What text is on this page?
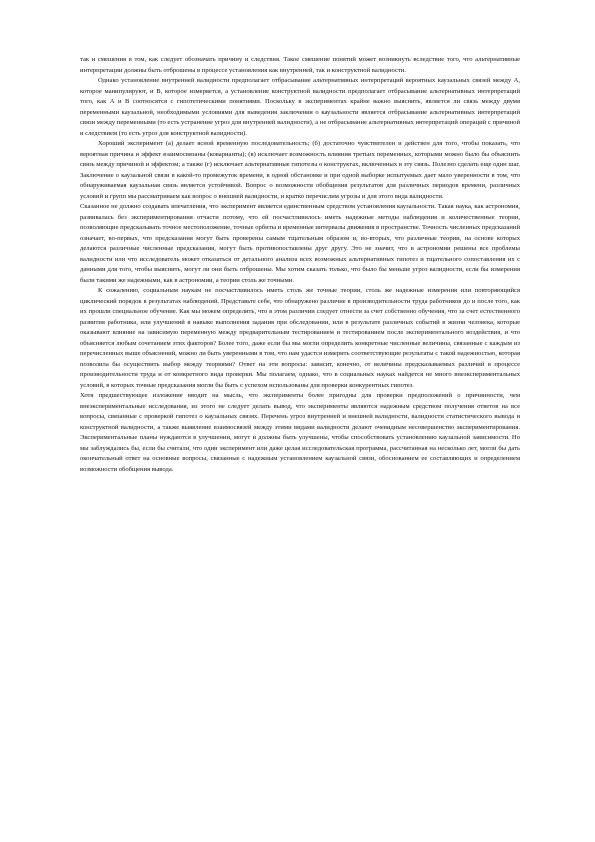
так и смешения в том, как следует обозначать причину и следствия. Такое смешение понятий может возникнуть вследствие того, что альтернативные интерпретации должны быть отброшены в процессе установления как внутренней, так и конструктной валидности.

Однако установление внутренней валидности предполагает отбрасывание альтернативных интерпретаций вероятных каузальных связей между А, которое манипулируют, и В, которое измеряется, а установление конструктной валидности предполагает отбрасывание альтернативных интерпретаций того, как А и В соотносятся с гипотетическими понятиями. Поскольку в экспериментах крайне важно выяснить, является ли связь между двумя переменными каузальной, необходимыми условиями для выведения заключения о каузальности является отбрасывание альтернативных интерпретаций связи между переменными (то есть устранение угроз для внутренней валидности), а не отбрасывание альтернативных интерпретаций операций с причиной и следствием (то есть угроз для конструктной валидности).

Хороший эксперимент (а) делает ясной временную последовательность; (б) достаточно чувствителен и действен для того, чтобы показать, что вероятная причина и эффект взаимосвязаны (коварианты); (в) исключает возможность влияния третьих переменных, которыми можно было бы объяснить связь между причиной и эффектом; а также (г) исключает альтернативные гипотезы о конструктах, включенных в эту связь. Полезно сделать еще один шаг. Заключение о каузальной связи в какой-то промежуток времени, в одной обстановке и при одной выборке испытуемых дает мало уверенности в том, что обнаруживаемая каузальная связь является устойчивой. Вопрос о возможности обобщения результатов для различных периодов времени, различных условий и групп мы рассматриваем как вопрос о внешней валидности, и кратко перечислим угрозы и для этого вида валидности.

Сказанное не должно создавать впечатления, что эксперимент является единственным средством установления каузальности. Такая наука, как астрономия, развивалась без экспериментирования отчасти потому, что ей посчастливилось иметь надежные методы наблюдения и количественные теории, позволяющие предсказывать точное местоположение, точные орбиты и временные интервалы движения в пространстве. Точность численных предсказаний означает, во-первых, что предсказания могут быть проверены самым тщательным образом и, во-вторых, что различные теории, на основе которых делаются различные численные предсказания, могут быть противопоставлены друг другу. Это не значит, что в астрономии решены все проблемы валидности или что исследователь может отказаться от детального анализа всех возможных альтернативных гипотез и тщательного сопоставления их с данными для того, чтобы выяснить, могут ли они быть отброшены. Мы хотим сказать только, что было бы меньше угроз валидности, если бы измерения были такими же надежными, как в астрономии, а теории столь же точными.

К сожалению, социальным наукам не посчастливилось иметь столь же точные теории, столь же надежные измерения или повторяющийся циклический порядок в результатах наблюдений. Представьте себе, что обнаружено различие в производительности труда работников до и после того, как их прошли специальное обучение. Как мы можем определить, что в этом различии следует отнести за счет собственно обучения, что за счет естественного развития работника, или улучшений в навыке выполнения задания при обследовании, или в результате различных событий в жизни человека, которые оказывают влияние на зависимую переменную между предварительным тестированием и тестированием после экспериментального воздействия, и что объясняется любым сочетанием этих факторов? Более того, даже если бы мы могли определить конкретные численные величины, связанные с каждым из перечисленных выше объяснений, можно ли быть уверенными в том, что нам удастся измерить соответствующие результаты с такой надежностью, которая позволила бы осуществить выбор между теориями? Ответ на эти вопросы: зависит, конечно, от величины предсказываемых различий в процессе производительности труда и от конкретного вида проверки. Мы полагаем, однако, что в социальных науках найдется не много внеэкспериментальных условий, в которых точные предсказания могли бы быть с успехом использованы для проверки конкурентных гипотез.

Хотя предшествующее изложение вводит на мысль, что эксперименты более пригодны для проверки предположений о причинности, чем внеэкспериментальные исследования, из этого не следует делать вывод, что эксперименты являются надежным средством получения ответов на все вопросы, связанные с проверкой гипотез о каузальных связях. Перечень угроз внутренней и внешней валидности, валидности статистического вывода и конструктной валидности, а также выявление взаимосвязей между этими видами валидности делают очевидным несовершенство экспериментирования. Экспериментальные планы нуждаются в улучшении, могут и должны быть улучшены, чтобы способствовать установлению каузальной зависимости. Но мы заблуждались бы, если бы считали, что один эксперимент или даже целая исследовательская программа, рассчитанная на несколько лет, могли бы дать окончательный ответ на основные вопросы, связанные с надежным установлением каузальной связи, обоснованием ее составляющих и определением возможности обобщения вывода.
